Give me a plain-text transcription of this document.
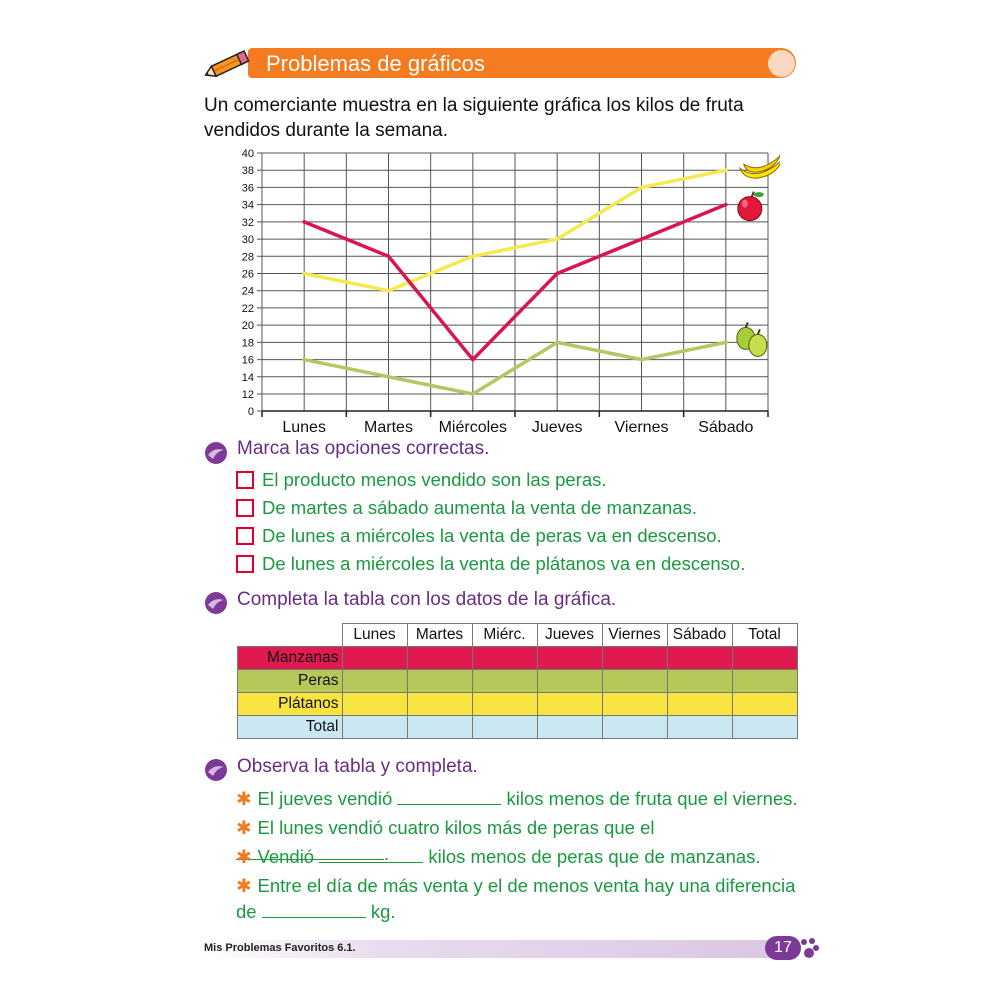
Problemas de gráficos
Un comerciante muestra en la siguiente gráfica los kilos de fruta vendidos durante la semana.
0
12
14
16
18
20
22
24
26
28
30
32
34
36
38
40
Lunes Martes Miércoles Jueves Viernes Sábado
Marca las opciones correctas.
El producto menos vendido son las peras.
De martes a sábado aumenta la venta de manzanas.
De lunes a miércoles la venta de peras va en descenso.
De lunes a miércoles la venta de plátanos va en descenso.
Completa la tabla con los datos de la gráfica.
	Lunes	Martes	Miérc.	Jueves	Viernes	Sábado	Total
Manzanas							
Peras							
Plátanos							
Total							
Observa la tabla y completa.
✱ El jueves vendió	kilos menos de fruta que el viernes.
✱ El lunes vendió cuatro kilos más de peras que el .
✱ Vendió	kilos menos de peras que de manzanas.
✱ Entre el día de más venta y el de menos venta hay una diferencia de	kg.
Mis Problemas Favoritos 6.1.	17
